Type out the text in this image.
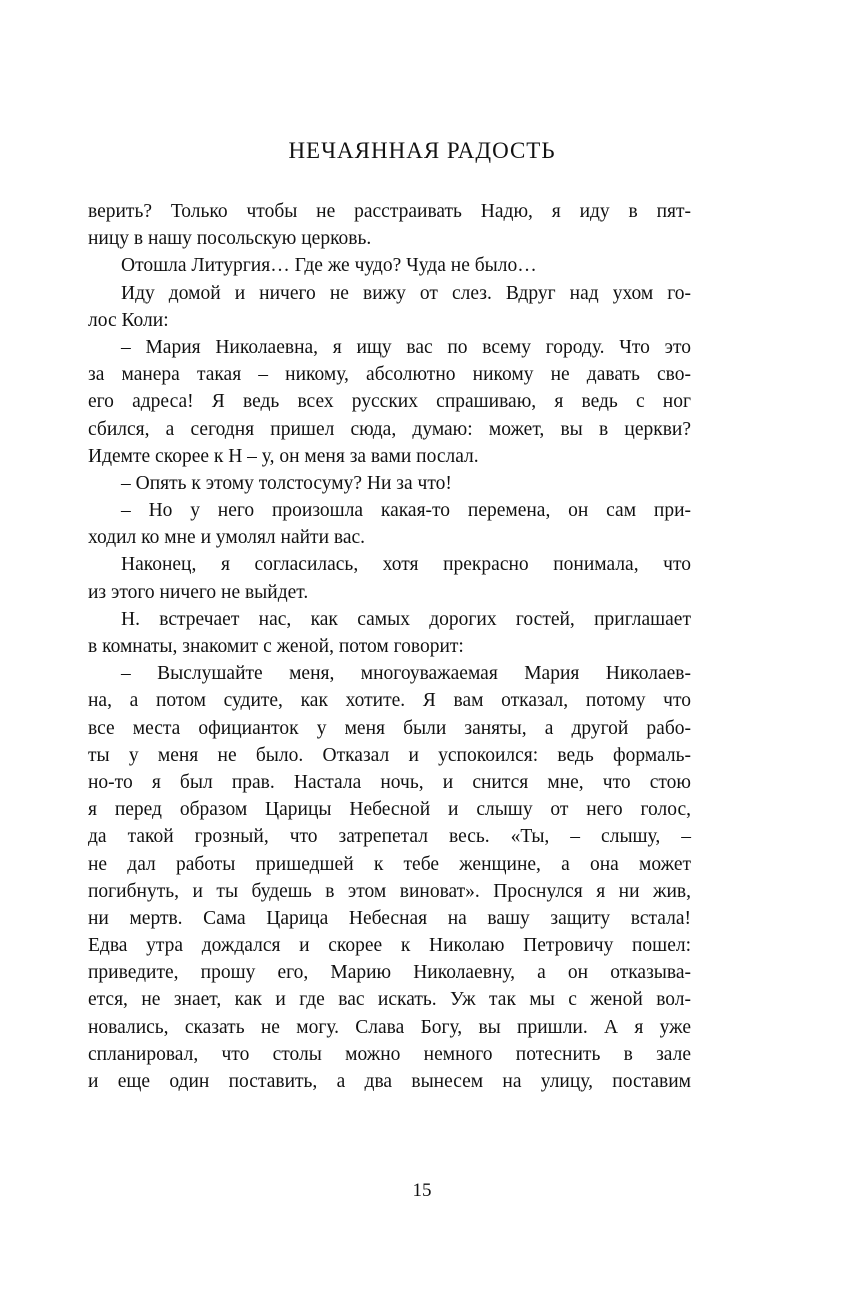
НЕЧАЯННАЯ РАДОСТЬ
верить? Только чтобы не расстраивать Надю, я иду в пят-
ницу в нашу посольскую церковь.
Отошла Литургия… Где же чудо? Чуда не было…
Иду домой и ничего не вижу от слез. Вдруг над ухом го-
лос Коли:
– Мария Николаевна, я ищу вас по всему городу. Что это
за манера такая – никому, абсолютно никому не давать сво-
его адреса! Я ведь всех русских спрашиваю, я ведь с ног
сбился, а сегодня пришел сюда, думаю: может, вы в церкви?
Идемте скорее к Н – у, он меня за вами послал.
– Опять к этому толстосуму? Ни за что!
– Но у него произошла какая-то перемена, он сам при-
ходил ко мне и умолял найти вас.
Наконец, я согласилась, хотя прекрасно понимала, что
из этого ничего не выйдет.
Н. встречает нас, как самых дорогих гостей, приглашает
в комнаты, знакомит с женой, потом говорит:
– Выслушайте меня, многоуважаемая Мария Николаев-
на, а потом судите, как хотите. Я вам отказал, потому что
все места официанток у меня были заняты, а другой рабо-
ты у меня не было. Отказал и успокоился: ведь формаль-
но-то я был прав. Настала ночь, и снится мне, что стою
я перед образом Царицы Небесной и слышу от него голос,
да такой грозный, что затрепетал весь. «Ты, – слышу, –
не дал работы пришедшей к тебе женщине, а она может
погибнуть, и ты будешь в этом виноват». Проснулся я ни жив,
ни мертв. Сама Царица Небесная на вашу защиту встала!
Едва утра дождался и скорее к Николаю Петровичу пошел:
приведите, прошу его, Марию Николаевну, а он отказыва-
ется, не знает, как и где вас искать. Уж так мы с женой вол-
новались, сказать не могу. Слава Богу, вы пришли. А я уже
спланировал, что столы можно немного потеснить в зале
и еще один поставить, а два вынесем на улицу, поставим
15
